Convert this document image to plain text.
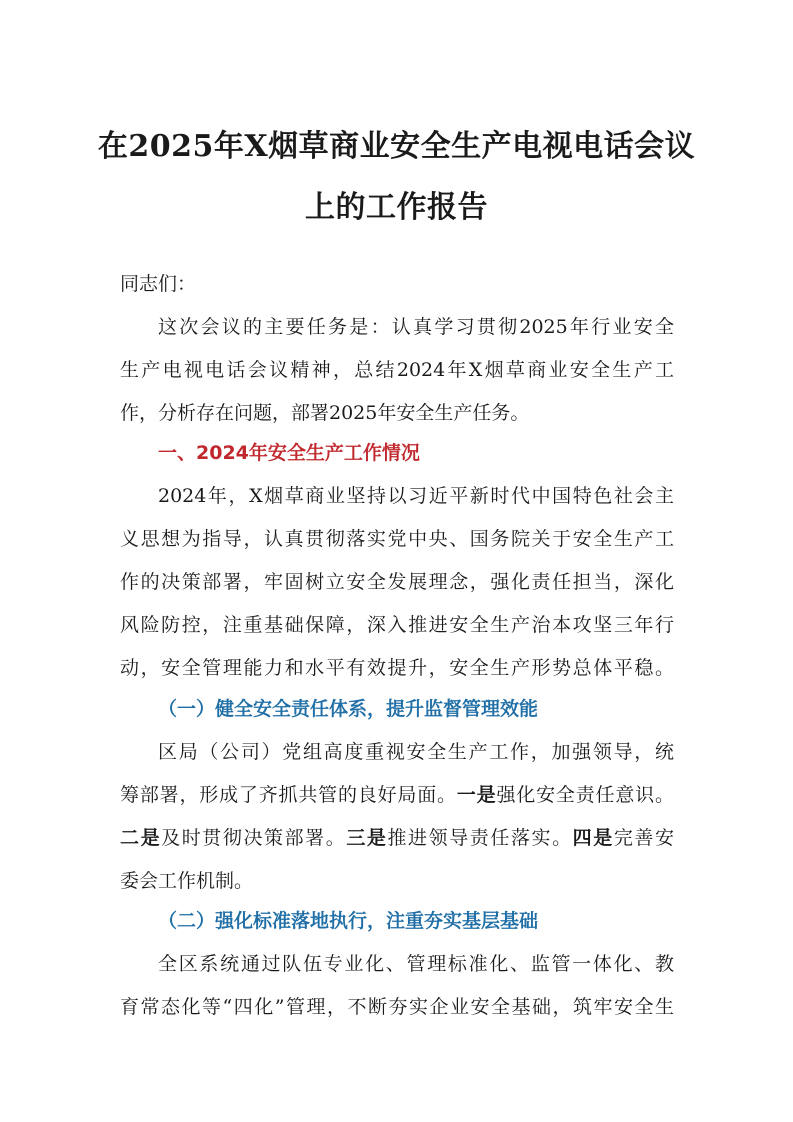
在2025年X烟草商业安全生产电视电话会议
上的工作报告
同志们：
这次会议的主要任务是：认真学习贯彻2025年行业安全
生产电视电话会议精神，总结2024年X烟草商业安全生产工
作，分析存在问题，部署2025年安全生产任务。
一、2024年安全生产工作情况
2024年，X烟草商业坚持以习近平新时代中国特色社会主
义思想为指导，认真贯彻落实党中央、国务院关于安全生产工
作的决策部署，牢固树立安全发展理念，强化责任担当，深化
风险防控，注重基础保障，深入推进安全生产治本攻坚三年行
动，安全管理能力和水平有效提升，安全生产形势总体平稳。
（一）健全安全责任体系，提升监督管理效能
区局（公司）党组高度重视安全生产工作，加强领导，统
筹部署，形成了齐抓共管的良好局面。一是强化安全责任意识。
二是及时贯彻决策部署。三是推进领导责任落实。四是完善安
委会工作机制。
（二）强化标准落地执行，注重夯实基层基础
全区系统通过队伍专业化、管理标准化、监管一体化、教
育常态化等“四化”管理，不断夯实企业安全基础，筑牢安全生
